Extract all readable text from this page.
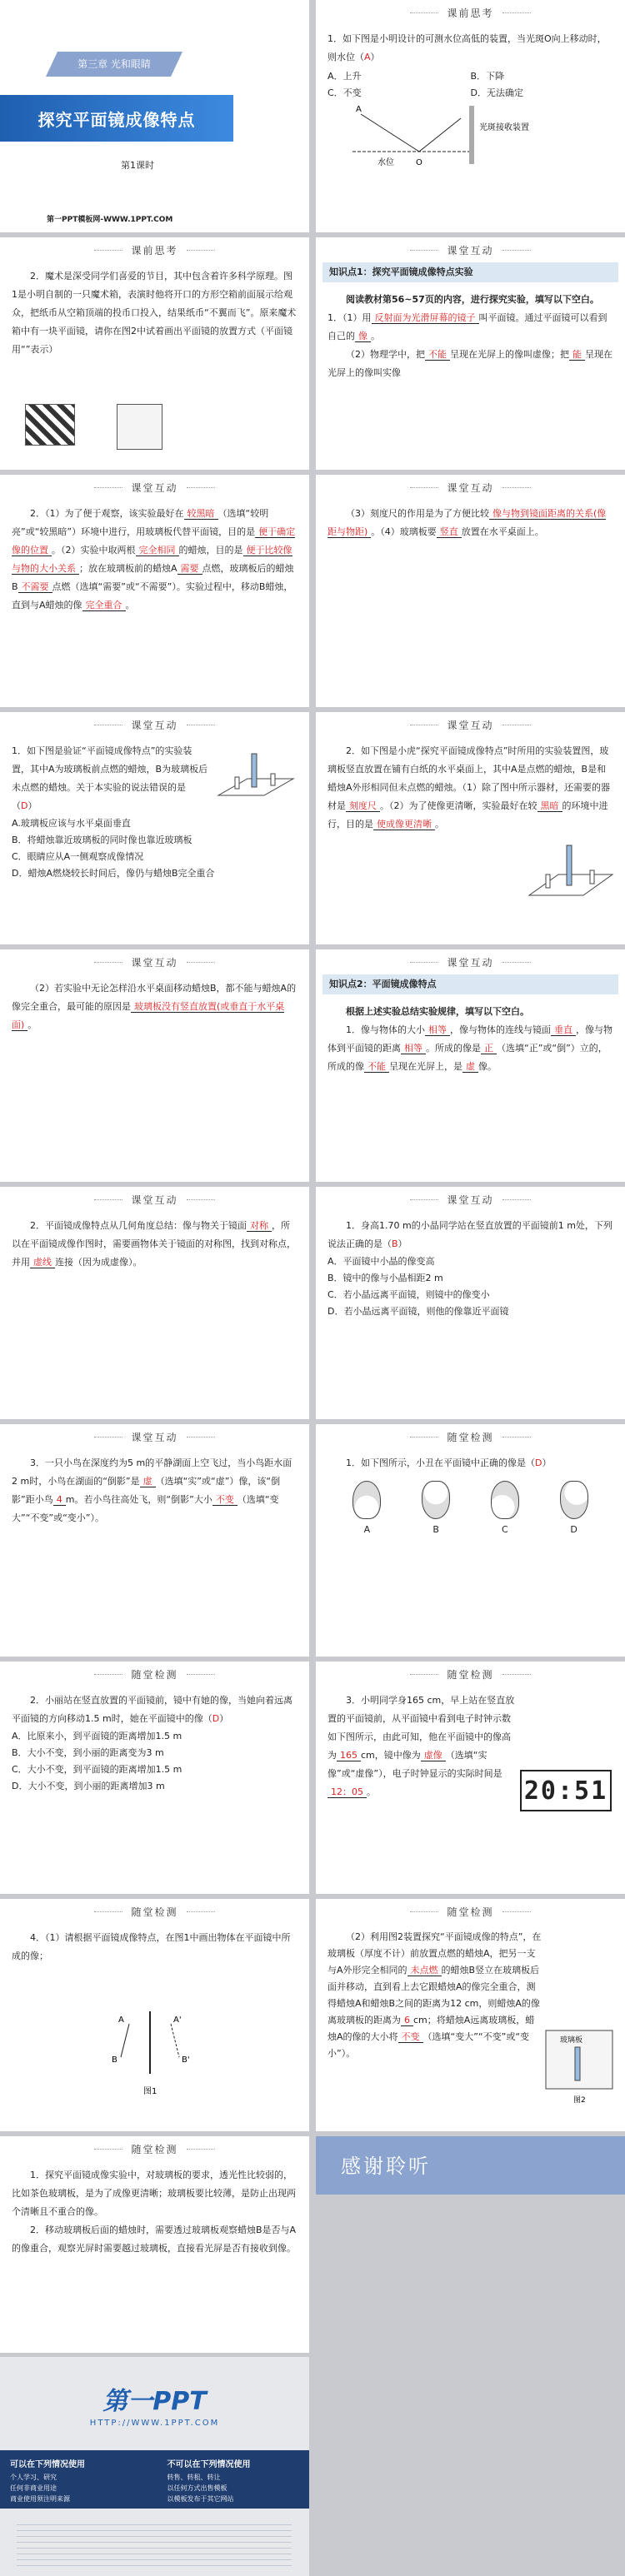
第三章 光和眼睛
探究平面镜成像特点
第1课时
第一PPT模板网-WWW.1PPT.COM
课前思考
1．如下图是小明设计的可测水位高低的装置，当光斑O向上移动时，则水位（A）
A．上升	B．下降
C．不变	D．无法确定
A
O
水位
光斑接收装置
课前思考
2．魔术是深受同学们喜爱的节目，其中包含着许多科学原理。图1是小明自制的一只魔术箱，表演时他将开口的方形空箱前面展示给观众，把纸币从空箱顶端的投币口投入，结果纸币“不翼而飞”。原来魔术箱中有一块平面镜，请你在图2中试着画出平面镜的放置方式（平面镜用“”表示）
课堂互动
知识点1：探究平面镜成像特点实验
阅读教材第56~57页的内容，进行探究实验，填写以下空白。
1．（1）用 反射面为光滑屏幕的镜子 叫平面镜。通过平面镜可以看到自己的 像 。
（2）物理学中，把 不能 呈现在光屏上的像叫虚像；把 能 呈现在光屏上的像叫实像
课堂互动
2．（1）为了便于观察，该实验最好在 较黑暗 （选填“较明亮”或“较黑暗”）环境中进行，用玻璃板代替平面镜，目的是 便于确定像的位置 。（2）实验中取两根 完全相同 的蜡烛，目的是 便于比较像与物的大小关系 ；放在玻璃板前的蜡烛A 需要 点燃，玻璃板后的蜡烛B 不需要 点燃（选填“需要”或“不需要”）。实验过程中，移动B蜡烛，直到与A蜡烛的像 完全重合 。
课堂互动
（3）刻度尺的作用是为了方便比较 像与物到镜面距离的关系(像距与物距) 。（4）玻璃板要 竖直 放置在水平桌面上。
课堂互动
1．如下图是验证“平面镜成像特点”的实验装置，其中A为玻璃板前点燃的蜡烛，B为玻璃板后未点燃的蜡烛。关于本实验的说法错误的是（D）
A.玻璃板应该与水平桌面垂直
B．将蜡烛靠近玻璃板的同时像也靠近玻璃板
C．眼睛应从A一侧观察成像情况
D．蜡烛A燃烧较长时间后，像仍与蜡烛B完全重合
课堂互动
2．如下图是小虎“探究平面镜成像特点”时所用的实验装置图，玻璃板竖直放置在铺有白纸的水平桌面上，其中A是点燃的蜡烛，B是和蜡烛A外形相同但未点燃的蜡烛。（1）除了图中所示器材，还需要的器材是 刻度尺 。（2）为了使像更清晰，实验最好在较 黑暗 的环境中进行，目的是 使成像更清晰 。
课堂互动
（2）若实验中无论怎样沿水平桌面移动蜡烛B，都不能与蜡烛A的像完全重合，最可能的原因是 玻璃板没有竖直放置(或垂直于水平桌面) 。
课堂互动
知识点2：平面镜成像特点
根据上述实验总结实验规律，填写以下空白。
1．像与物体的大小 相等 ，像与物体的连线与镜面 垂直 ，像与物体到平面镜的距离 相等 。所成的像是 正 （选填“正”或“倒”）立的，所成的像 不能 呈现在光屏上，是 虚 像。
课堂互动
2．平面镜成像特点从几何角度总结：像与物关于镜面 对称 ，所以在平面镜成像作图时，需要画物体关于镜面的对称图，找到对称点，并用 虚线 连接（因为成虚像）。
课堂互动
1．身高1.70 m的小晶同学站在竖直放置的平面镜前1 m处，下列说法正确的是（B）
A．平面镜中小晶的像变高
B．镜中的像与小晶相距2 m
C．若小晶远离平面镜，则镜中的像变小
D．若小晶远离平面镜，则他的像靠近平面镜
课堂互动
3．一只小鸟在深度约为5 m的平静湖面上空飞过，当小鸟距水面2 m时，小鸟在湖面的“倒影”是 虚 （选填“实”或“虚”）像，该“倒影”距小鸟 4 m。若小鸟往高处飞，则“倒影”大小 不变 （选填“变大”“不变”或“变小”）。
随堂检测
1．如下图所示，小丑在平面镜中正确的像是（D）
A	B	C	D
随堂检测
2．小丽站在竖直放置的平面镜前，镜中有她的像，当她向着远离平面镜的方向移动1.5 m时，她在平面镜中的像（D）
A．比原来小，到平面镜的距离增加1.5 m
B．大小不变，到小丽的距离变为3 m
C．大小不变，到平面镜的距离增加1.5 m
D．大小不变，到小丽的距离增加3 m
随堂检测
3．小明同学身165 cm，早上站在竖直放置的平面镜前，从平面镜中看到电子时钟示数如下图所示，由此可知，他在平面镜中的像高为 165 cm，镜中像为 虚像 （选填“实像”或“虚像”），电子时钟显示的实际时间是12：05 。	20:51
随堂检测
4．（1）请根据平面镜成像特点，在图1中画出物体在平面镜中所成的像；
A
B
A'
B'
图1
随堂检测
（2）利用图2装置探究“平面镜成像的特点”，在玻璃板（厚度不计）前放置点燃的蜡烛A，把另一支与A外形完全相同的 未点燃 的蜡烛B竖立在玻璃板后面并移动，直到看上去它跟蜡烛A的像完全重合，测得蜡烛A和蜡烛B之间的距离为12 cm，则蜡烛A的像离玻璃板的距离为 6 cm；将蜡烛A远离玻璃板，蜡烛A的像的大小将 不变 （选填“变大”“不变”或“变小”）。
玻璃板
图2
随堂检测
1．探究平面镜成像实验中，对玻璃板的要求，透光性比较弱的，比如茶色玻璃板，是为了成像更清晰；玻璃板要比较薄，是防止出现两个清晰且不重合的像。
2．移动玻璃板后面的蜡烛时，需要透过玻璃板观察蜡烛B是否与A的像重合，观察光屏时需要越过玻璃板，直接看光屏是否有接收到像。
感谢聆听
第一PPT
HTTP://WWW.1PPT.COM
可以在下列情况使用
个人学习、研究
任何非商业用途
商业使用须注明来源
不可以在下列情况使用
转售、转租、转让
以任何方式出售模板
以模板发布于其它网站
